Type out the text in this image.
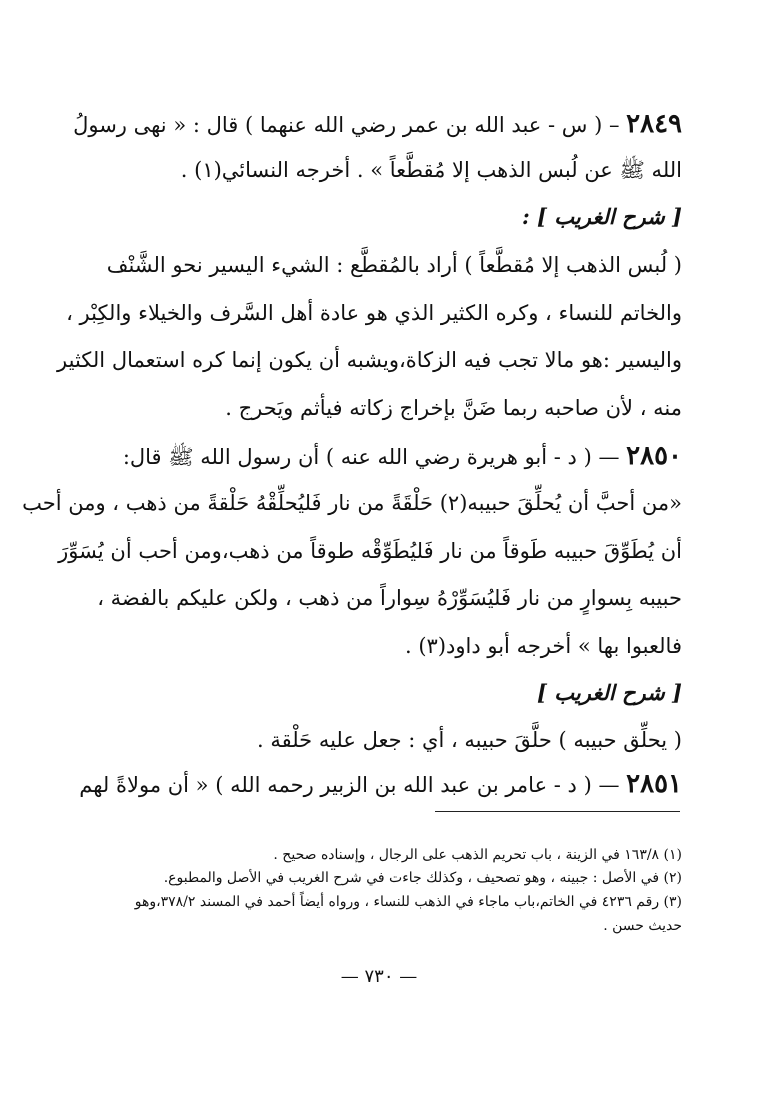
٢٨٤٩ – ( س - عبد الله بن عمر رضي الله عنهما ) قال : « نهى رسولُ
الله ﷺ عن لُبس الذهب إلا مُقطَّعاً » . أخرجه النسائي(١) .
[ شرح الغريب ] :
( لُبس الذهب إلا مُقطَّعاً ) أراد بالمُقطَّع : الشيء اليسير نحو الشَّنْف
والخاتم للنساء ، وكره الكثير الذي هو عادة أهل السَّرف والخيلاء والكِبْر ،
واليسير :هو مالا تجب فيه الزكاة،ويشبه أن يكون إنما كره استعمال الكثير
منه ، لأن صاحبه ربما ضَنَّ بإخراج زكاته فيأثم ويَحرج .
٢٨٥٠ — ( د - أبو هريرة رضي الله عنه ) أن رسول الله ﷺ قال:
«من أحبَّ أن يُحلِّقَ حبيبه(٢) حَلْقَةً من نار فَليُحلِّقْهُ حَلْقةً من ذهب ، ومن أحب
أن يُطَوِّقَ حبيبه طَوقاً من نار فَليُطَوِّقْه طوقاً من ذهب،ومن أحب أن يُسَوِّرَ
حبيبه بِسوارٍ من نار فَليُسَوِّرْهُ سِواراً من ذهب ، ولكن عليكم بالفضة ،
فالعبوا بها » أخرجه أبو داود(٣) .
[ شرح الغريب ]
( يحلِّق حبيبه ) حلَّقَ حبيبه ، أي : جعل عليه حَلْقة .
٢٨٥١ — ( د - عامر بن عبد الله بن الزبير رحمه الله ) « أن مولاةً لهم
(١) ١٦٣/٨ في الزينة ، باب تحريم الذهب على الرجال ، وإسناده صحيح .
(٢) في الأصل : جبينه ، وهو تصحيف ، وكذلك جاءت في شرح الغريب في الأصل والمطبوع.
(٣) رقم ٤٢٣٦ في الخاتم،باب ماجاء في الذهب للنساء ، ورواه أيضاً أحمد في المسند ٣٧٨/٢،وهو
حديث حسن .
— ٧٣٠ —
